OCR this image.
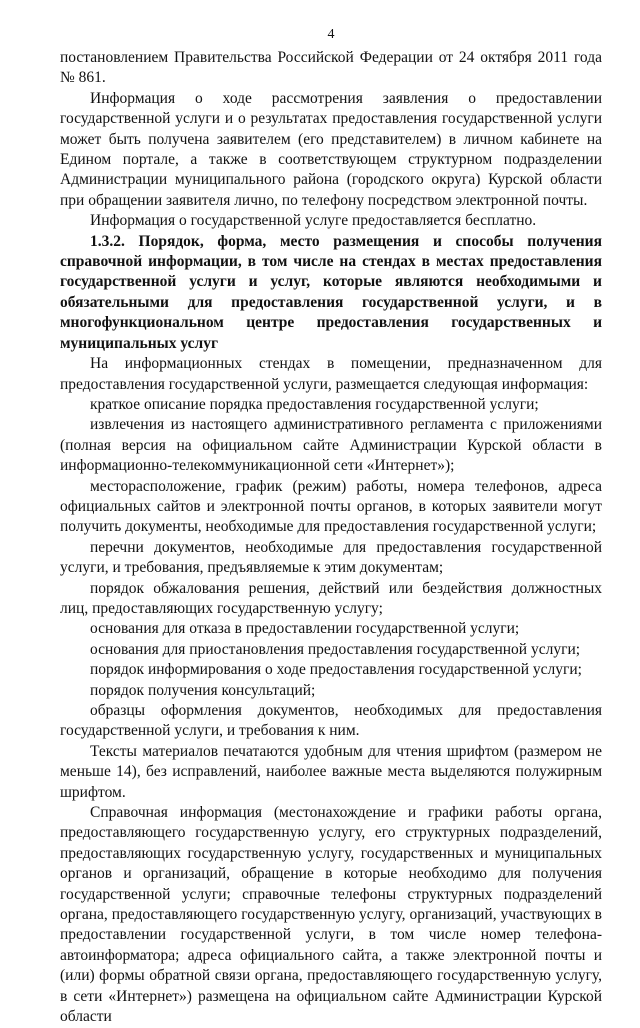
4

постановлением Правительства Российской Федерации от 24 октября 2011 года № 861.

Информация о ходе рассмотрения заявления о предоставлении государственной услуги и о результатах предоставления государственной услуги может быть получена заявителем (его представителем) в личном кабинете на Едином портале, а также в соответствующем структурном подразделении Администрации муниципального района (городского округа) Курской области при обращении заявителя лично, по телефону посредством электронной почты.

Информация о государственной услуге предоставляется бесплатно.

1.3.2. Порядок, форма, место размещения и способы получения справочной информации, в том числе на стендах в местах предоставления государственной услуги и услуг, которые являются необходимыми и обязательными для предоставления государственной услуги, и в многофункциональном центре предоставления государственных и муниципальных услуг

На информационных стендах в помещении, предназначенном для предоставления государственной услуги, размещается следующая информация:

краткое описание порядка предоставления государственной услуги;

извлечения из настоящего административного регламента с приложениями (полная версия на официальном сайте Администрации Курской области в информационно-телекоммуникационной сети «Интернет»);

месторасположение, график (режим) работы, номера телефонов, адреса официальных сайтов и электронной почты органов, в которых заявители могут получить документы, необходимые для предоставления государственной услуги;

перечни документов, необходимые для предоставления государственной услуги, и требования, предъявляемые к этим документам;

порядок обжалования решения, действий или бездействия должностных лиц, предоставляющих государственную услугу;

основания для отказа в предоставлении государственной услуги;

основания для приостановления предоставления государственной услуги;

порядок информирования о ходе предоставления государственной услуги;

порядок получения консультаций;

образцы оформления документов, необходимых для предоставления государственной услуги, и требования к ним.

Тексты материалов печатаются удобным для чтения шрифтом (размером не меньше 14), без исправлений, наиболее важные места выделяются полужирным шрифтом.

Справочная информация (местонахождение и графики работы органа, предоставляющего государственную услугу, его структурных подразделений, предоставляющих государственную услугу, государственных и муниципальных органов и организаций, обращение в которые необходимо для получения государственной услуги; справочные телефоны структурных подразделений органа, предоставляющего государственную услугу, организаций, участвующих в предоставлении государственной услуги, в том числе номер телефона-автоинформатора; адреса официального сайта, а также электронной почты и (или) формы обратной связи органа, предоставляющего государственную услугу, в сети «Интернет») размещена на официальном сайте Администрации Курской области
